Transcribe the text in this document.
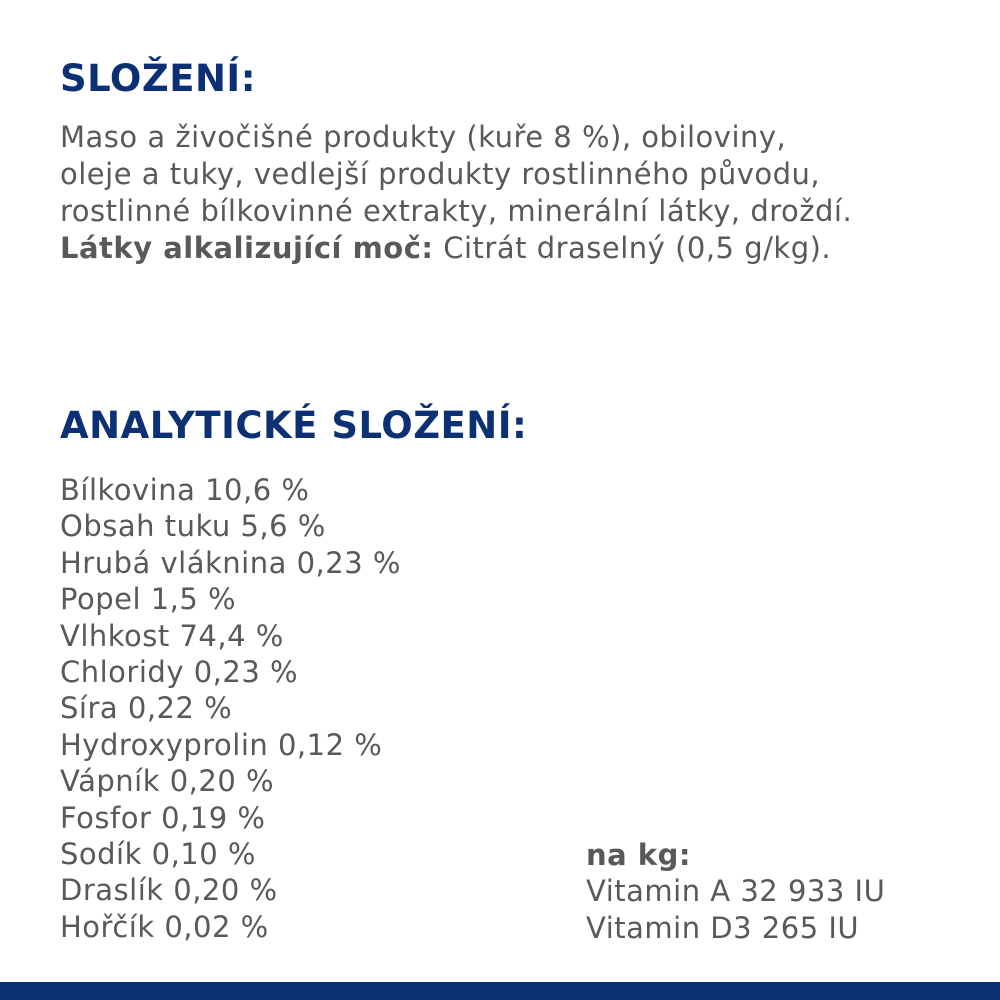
SLOŽENÍ:

Maso a živočišné produkty (kuře 8 %), obiloviny,

oleje a tuky, vedlejší produkty rostlinného původu,

rostlinné bílkovinné extrakty, minerální látky, droždí.

Látky alkalizující moč: Citrát draselný (0,5 g/kg).

ANALYTICKÉ SLOŽENÍ:
Bílkovina 10,6 %
Obsah tuku 5,6 %
Hrubá vláknina 0,23 %
Popel 1,5 %
Vlhkost 74,4 %
Chloridy 0,23 %
Síra 0,22 %
Hydroxyprolin 0,12 %
Vápník 0,20 %
Fosfor 0,19 %
Sodík 0,10 %
Draslík 0,20 %
Hořčík 0,02 %
na kg:
Vitamin A 32 933 IU
Vitamin D3 265 IU
